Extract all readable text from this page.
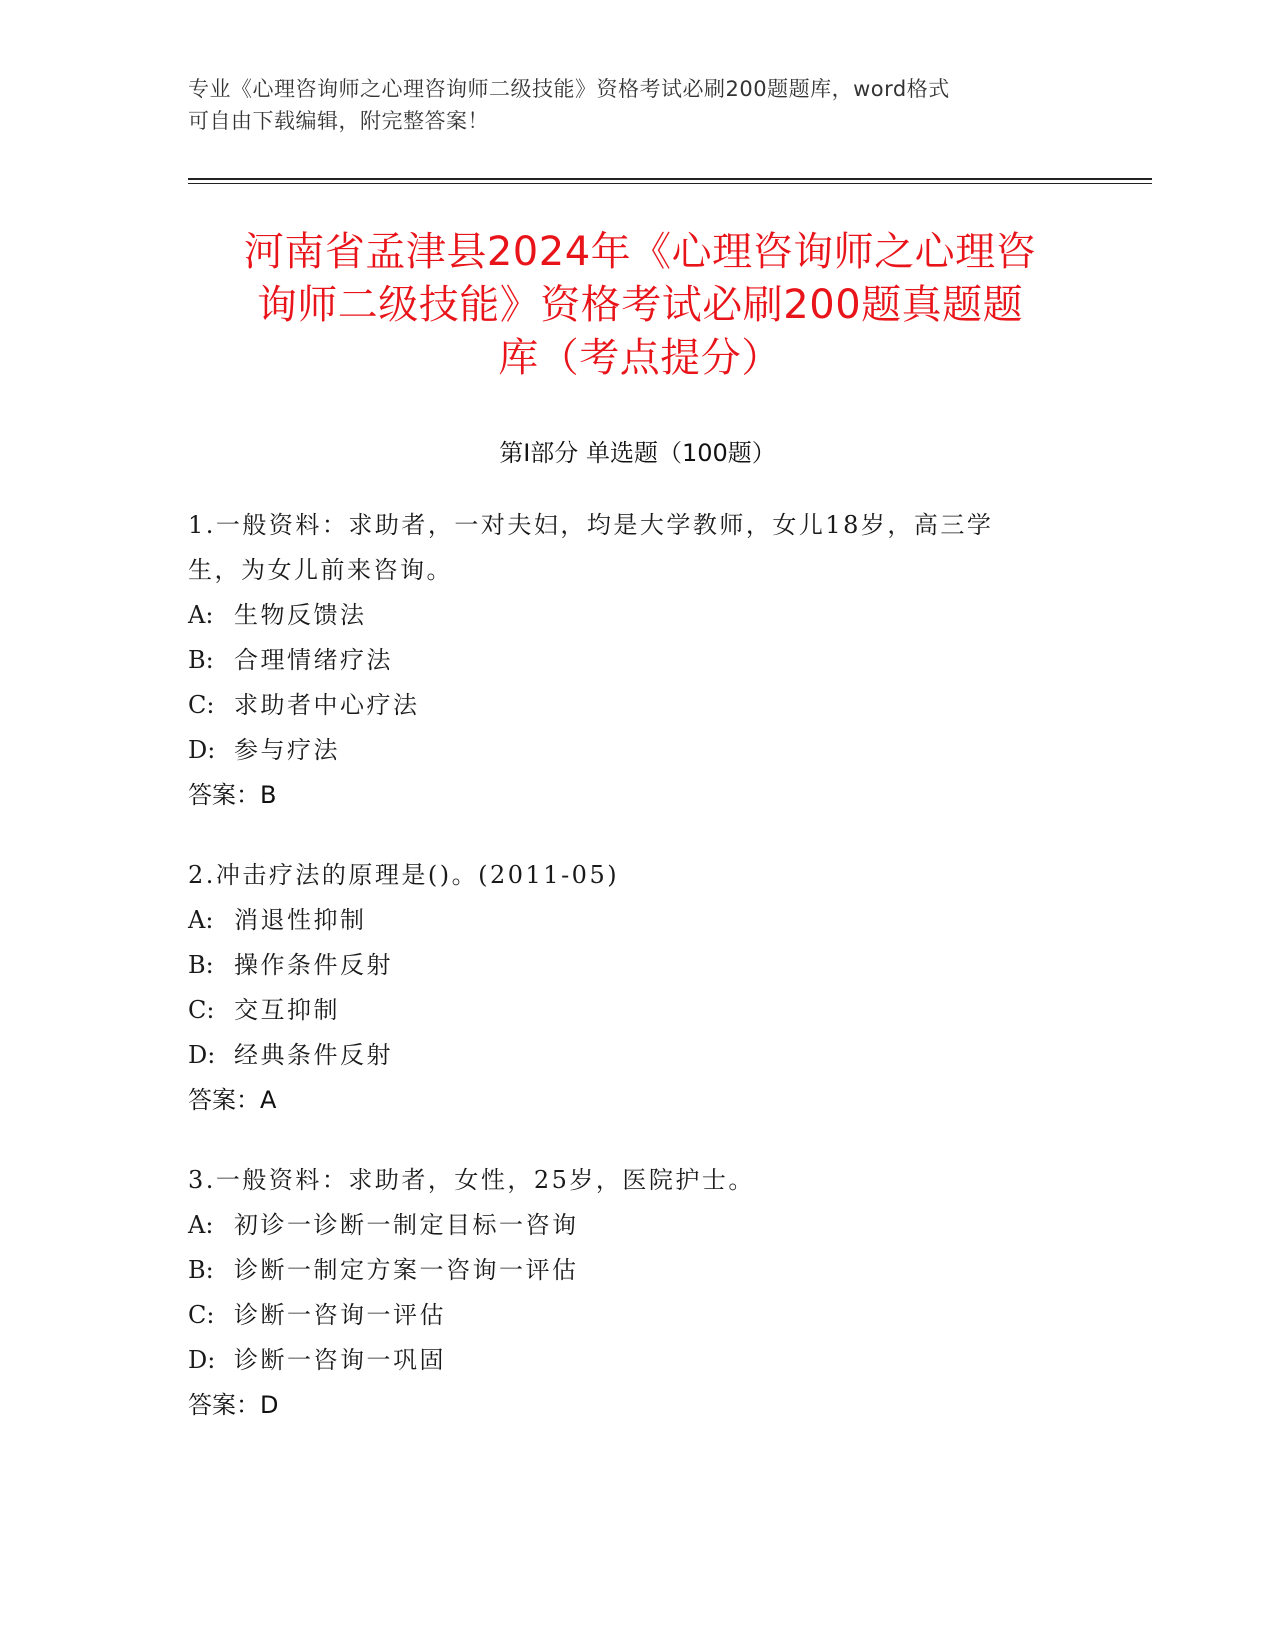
专业《心理咨询师之心理咨询师二级技能》资格考试必刷200题题库，word格式
可自由下载编辑，附完整答案！
河南省孟津县2024年《心理咨询师之心理咨
询师二级技能》资格考试必刷200题真题题
库（考点提分）
第I部分 单选题（100题）
1.一般资料：求助者，一对夫妇，均是大学教师，女儿18岁，高三学
生，为女儿前来咨询。
A: 生物反馈法
B: 合理情绪疗法
C: 求助者中心疗法
D: 参与疗法
答案：B
2.冲击疗法的原理是()。(2011-05)
A: 消退性抑制
B: 操作条件反射
C: 交互抑制
D: 经典条件反射
答案：A
3.一般资料：求助者，女性，25岁，医院护士。
A: 初诊一诊断一制定目标一咨询
B: 诊断一制定方案一咨询一评估
C: 诊断一咨询一评估
D: 诊断一咨询一巩固
答案：D
